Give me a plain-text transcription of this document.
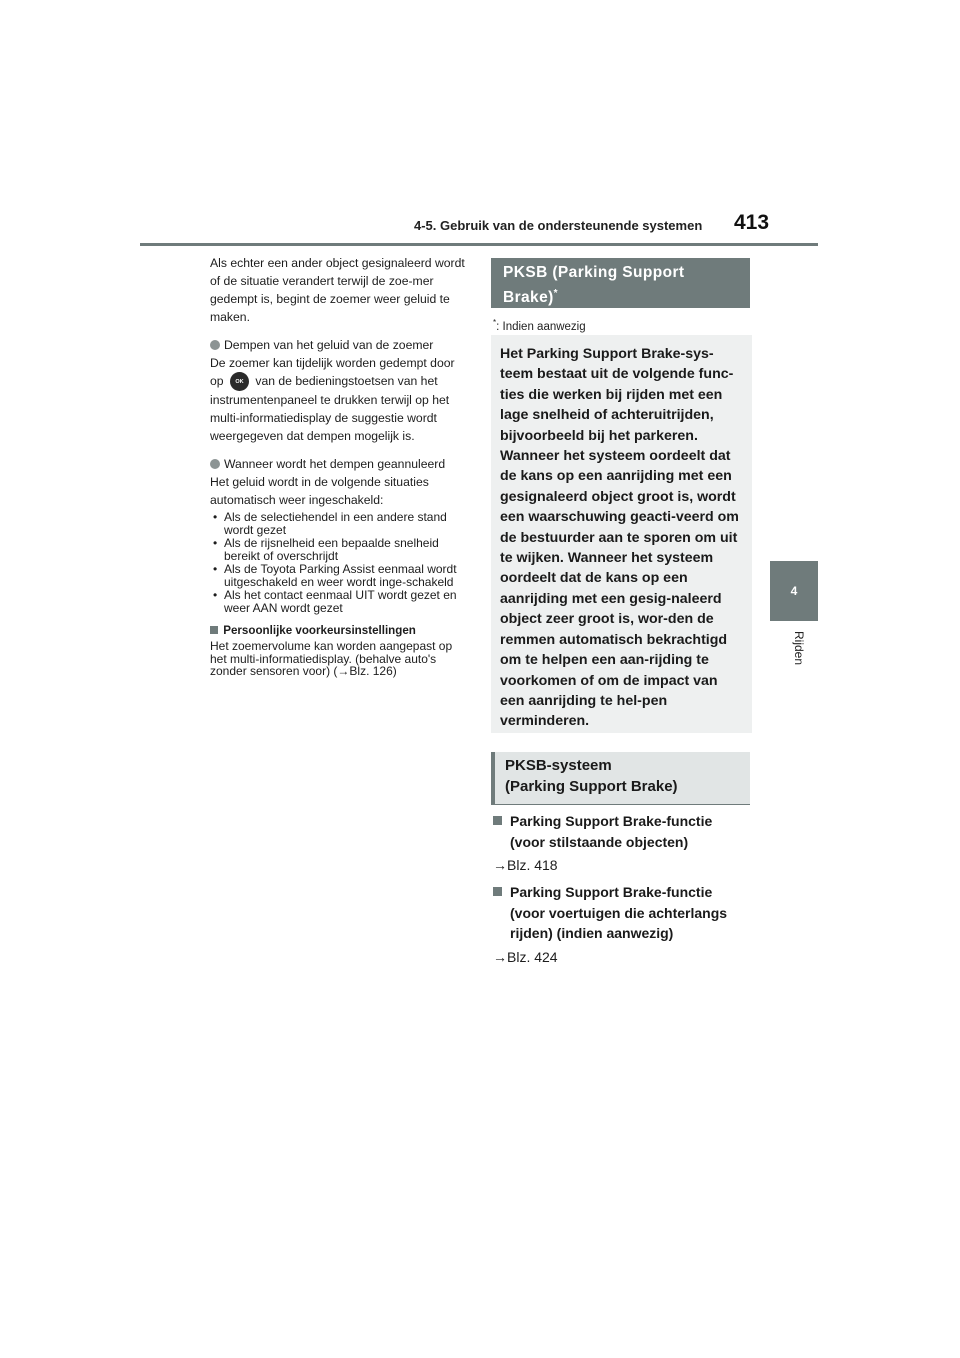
4-5. Gebruik van de ondersteunende systemen 413
4
Rijden

Als echter een ander object gesignaleerd wordt of de situatie verandert terwijl de zoe-mer gedempt is, begint de zoemer weer geluid te maken.

Dempen van het geluid van de zoemer

De zoemer kan tijdelijk worden gedempt door op OK van de bedieningstoetsen van het instrumentenpaneel te drukken terwijl op het multi-informatiedisplay de suggestie wordt weergegeven dat dempen mogelijk is.

Wanneer wordt het dempen geannuleerd

Het geluid wordt in de volgende situaties automatisch weer ingeschakeld:

• Als de selectiehendel in een andere stand wordt gezet
• Als de rijsnelheid een bepaalde snelheid bereikt of overschrijdt
• Als de Toyota Parking Assist eenmaal wordt uitgeschakeld en weer wordt inge-schakeld
• Als het contact eenmaal UIT wordt gezet en weer AAN wordt gezet

Persoonlijke voorkeursinstellingen

Het zoemervolume kan worden aangepast op het multi-informatiedisplay. (behalve auto's zonder sensoren voor) (→Blz. 126)

PKSB (Parking Support Brake)*
*: Indien aanwezig
Het Parking Support Brake-sys-teem bestaat uit de volgende func-ties die werken bij rijden met een lage snelheid of achteruitrijden, bijvoorbeeld bij het parkeren. Wanneer het systeem oordeelt dat de kans op een aanrijding met een gesignaleerd object groot is, wordt een waarschuwing geacti-veerd om de bestuurder aan te sporen om uit te wijken. Wanneer het systeem oordeelt dat de kans op een aanrijding met een gesig-naleerd object zeer groot is, wor-den de remmen automatisch bekrachtigd om te helpen een aan-rijding te voorkomen of om de impact van een aanrijding te hel-pen verminderen.
PKSB-systeem
(Parking Support Brake)
Parking Support Brake-functie (voor stilstaande objecten)
→Blz. 418
Parking Support Brake-functie (voor voertuigen die achterlangs rijden) (indien aanwezig)
→Blz. 424
